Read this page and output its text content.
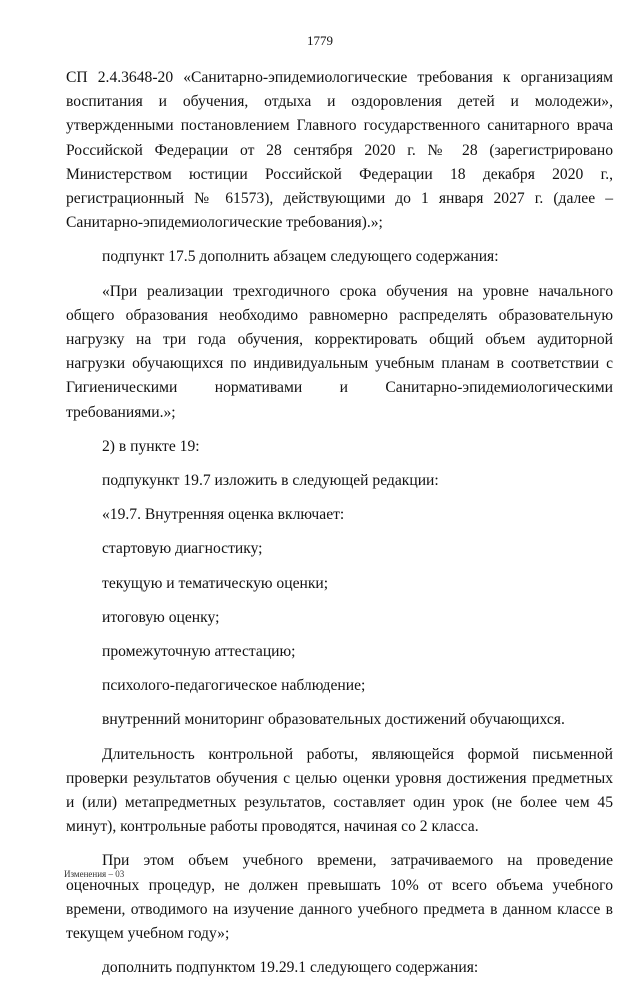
1779

СП 2.4.3648-20 «Санитарно-эпидемиологические требования к организациям воспитания и обучения, отдыха и оздоровления детей и молодежи», утвержденными постановлением Главного государственного санитарного врача Российской Федерации от 28 сентября 2020 г. № 28 (зарегистрировано Министерством юстиции Российской Федерации 18 декабря 2020 г., регистрационный № 61573), действующими до 1 января 2027 г. (далее – Санитарно-эпидемиологические требования).»;

подпункт 17.5 дополнить абзацем следующего содержания:

«При реализации трехгодичного срока обучения на уровне начального общего образования необходимо равномерно распределять образовательную нагрузку на три года обучения, корректировать общий объем аудиторной нагрузки обучающихся по индивидуальным учебным планам в соответствии с Гигиеническими нормативами и Санитарно-эпидемиологическими требованиями.»;

2) в пункте 19:

подпукункт 19.7 изложить в следующей редакции:

«19.7. Внутренняя оценка включает:

стартовую диагностику;

текущую и тематическую оценки;

итоговую оценку;

промежуточную аттестацию;

психолого-педагогическое наблюдение;

внутренний мониторинг образовательных достижений обучающихся.

Длительность контрольной работы, являющейся формой письменной проверки результатов обучения с целью оценки уровня достижения предметных и (или) метапредметных результатов, составляет один урок (не более чем 45 минут), контрольные работы проводятся, начиная со 2 класса.

При этом объем учебного времени, затрачиваемого на проведение оценочных процедур, не должен превышать 10% от всего объема учебного времени, отводимого на изучение данного учебного предмета в данном классе в текущем учебном году»;

дополнить подпунктом 19.29.1 следующего содержания:

Изменения – 03
